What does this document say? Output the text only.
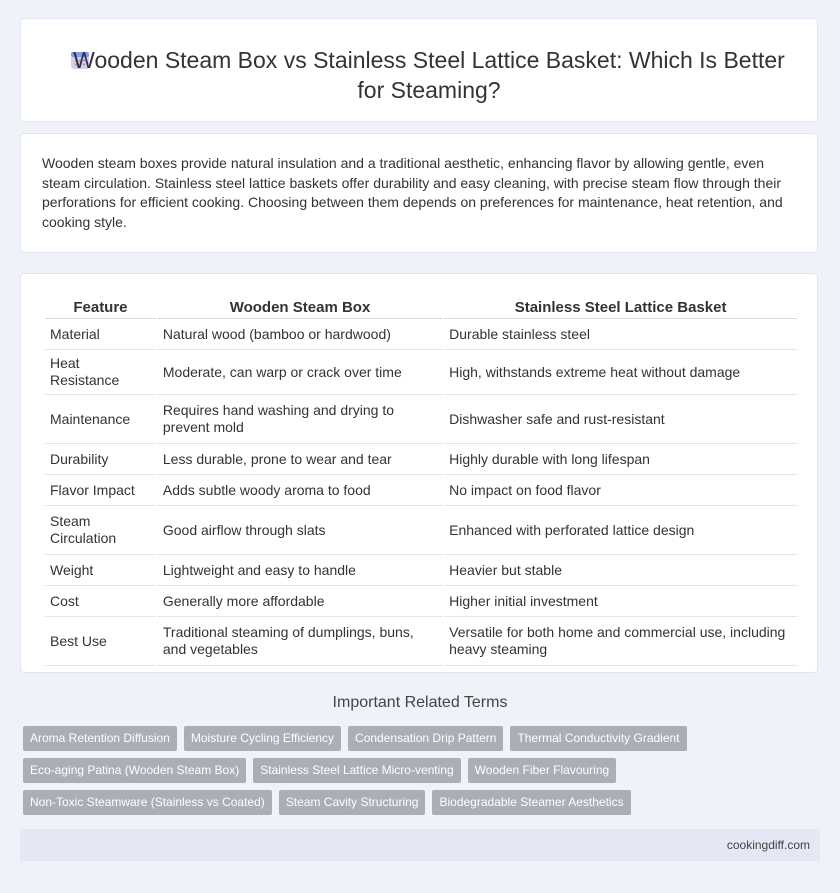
Wooden Steam Box vs Stainless Steel Lattice Basket: Which Is Better for Steaming?

Wooden steam boxes provide natural insulation and a traditional aesthetic, enhancing flavor by allowing gentle, even steam circulation. Stainless steel lattice baskets offer durability and easy cleaning, with precise steam flow through their perforations for efficient cooking. Choosing between them depends on preferences for maintenance, heat retention, and cooking style.

Feature	Wooden Steam Box	Stainless Steel Lattice Basket
Material	Natural wood (bamboo or hardwood)	Durable stainless steel
Heat Resistance	Moderate, can warp or crack over time	High, withstands extreme heat without damage
Maintenance	Requires hand washing and drying to prevent mold	Dishwasher safe and rust-resistant
Durability	Less durable, prone to wear and tear	Highly durable with long lifespan
Flavor Impact	Adds subtle woody aroma to food	No impact on food flavor
Steam Circulation	Good airflow through slats	Enhanced with perforated lattice design
Weight	Lightweight and easy to handle	Heavier but stable
Cost	Generally more affordable	Higher initial investment
Best Use	Traditional steaming of dumplings, buns, and vegetables	Versatile for both home and commercial use, including heavy steaming
Important Related Terms
Aroma Retention Diffusion	Moisture Cycling Efficiency	Condensation Drip Pattern	Thermal Conductivity Gradient
Eco-aging Patina (Wooden Steam Box)	Stainless Steel Lattice Micro-venting	Wooden Fiber Flavouring
Non-Toxic Steamware (Stainless vs Coated)	Steam Cavity Structuring	Biodegradable Steamer Aesthetics
cookingdiff.com
